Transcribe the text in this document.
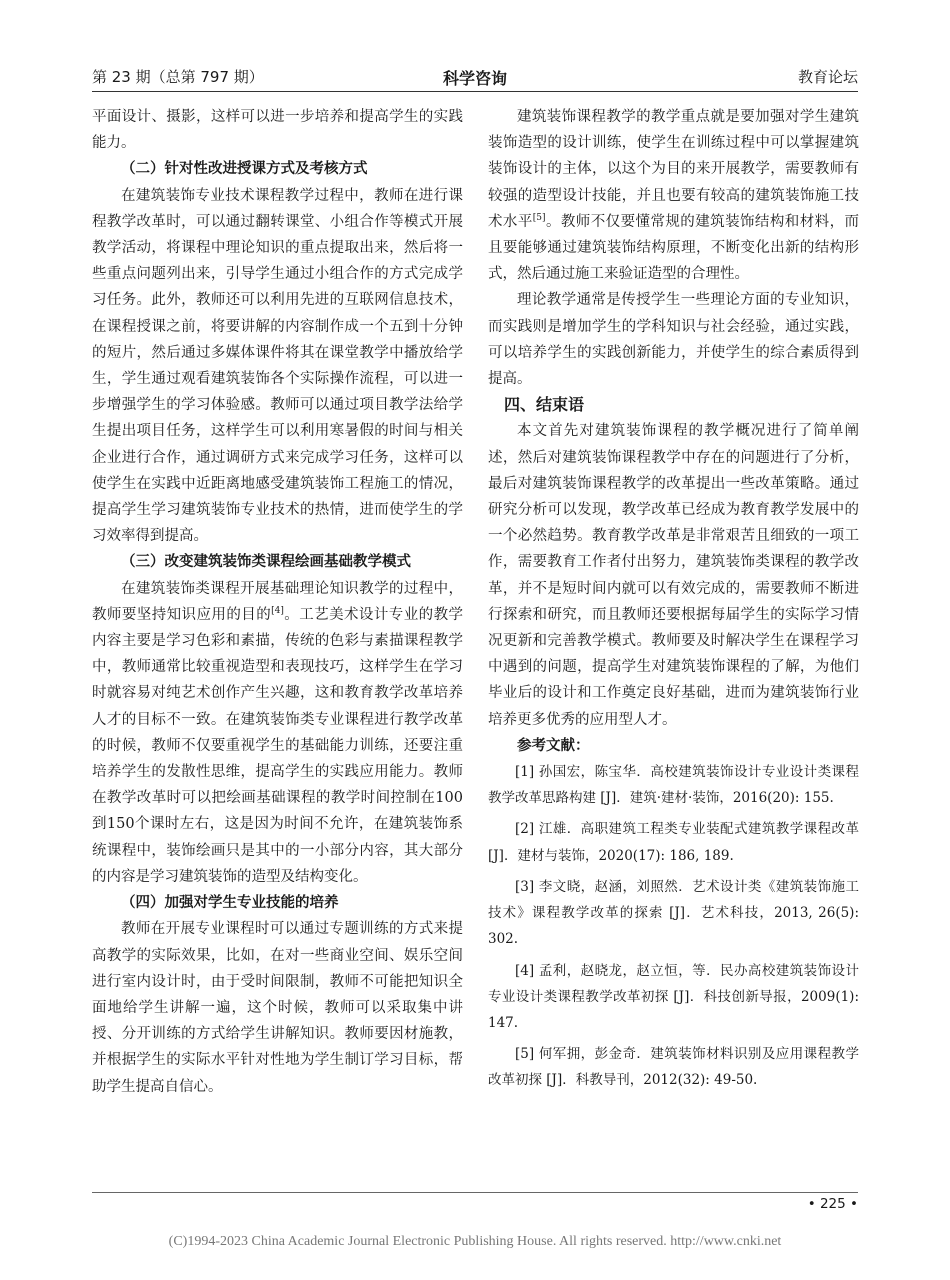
第 23 期（总第 797 期）	科学咨询	教育论坛

平面设计、摄影，这样可以进一步培养和提高学生的实践能力。

（二）针对性改进授课方式及考核方式

在建筑装饰专业技术课程教学过程中，教师在进行课程教学改革时，可以通过翻转课堂、小组合作等模式开展教学活动，将课程中理论知识的重点提取出来，然后将一些重点问题列出来，引导学生通过小组合作的方式完成学习任务。此外，教师还可以利用先进的互联网信息技术，在课程授课之前，将要讲解的内容制作成一个五到十分钟的短片，然后通过多媒体课件将其在课堂教学中播放给学生，学生通过观看建筑装饰各个实际操作流程，可以进一步增强学生的学习体验感。教师可以通过项目教学法给学生提出项目任务，这样学生可以利用寒暑假的时间与相关企业进行合作，通过调研方式来完成学习任务，这样可以使学生在实践中近距离地感受建筑装饰工程施工的情况，提高学生学习建筑装饰专业技术的热情，进而使学生的学习效率得到提高。

（三）改变建筑装饰类课程绘画基础教学模式

在建筑装饰类课程开展基础理论知识教学的过程中，教师要坚持知识应用的目的[4]。工艺美术设计专业的教学内容主要是学习色彩和素描，传统的色彩与素描课程教学中，教师通常比较重视造型和表现技巧，这样学生在学习时就容易对纯艺术创作产生兴趣，这和教育教学改革培养人才的目标不一致。在建筑装饰类专业课程进行教学改革的时候，教师不仅要重视学生的基础能力训练，还要注重培养学生的发散性思维，提高学生的实践应用能力。教师在教学改革时可以把绘画基础课程的教学时间控制在100到150个课时左右，这是因为时间不允许，在建筑装饰系统课程中，装饰绘画只是其中的一小部分内容，其大部分的内容是学习建筑装饰的造型及结构变化。

（四）加强对学生专业技能的培养

教师在开展专业课程时可以通过专题训练的方式来提高教学的实际效果，比如，在对一些商业空间、娱乐空间进行室内设计时，由于受时间限制，教师不可能把知识全面地给学生讲解一遍，这个时候，教师可以采取集中讲授、分开训练的方式给学生讲解知识。教师要因材施教，并根据学生的实际水平针对性地为学生制订学习目标，帮助学生提高自信心。

建筑装饰课程教学的教学重点就是要加强对学生建筑装饰造型的设计训练，使学生在训练过程中可以掌握建筑装饰设计的主体，以这个为目的来开展教学，需要教师有较强的造型设计技能，并且也要有较高的建筑装饰施工技术水平[5]。教师不仅要懂常规的建筑装饰结构和材料，而且要能够通过建筑装饰结构原理，不断变化出新的结构形式，然后通过施工来验证造型的合理性。

理论教学通常是传授学生一些理论方面的专业知识，而实践则是增加学生的学科知识与社会经验，通过实践，可以培养学生的实践创新能力，并使学生的综合素质得到提高。

四、结束语

本文首先对建筑装饰课程的教学概况进行了简单阐述，然后对建筑装饰课程教学中存在的问题进行了分析，最后对建筑装饰课程教学的改革提出一些改革策略。通过研究分析可以发现，教学改革已经成为教育教学发展中的一个必然趋势。教育教学改革是非常艰苦且细致的一项工作，需要教育工作者付出努力，建筑装饰类课程的教学改革，并不是短时间内就可以有效完成的，需要教师不断进行探索和研究，而且教师还要根据每届学生的实际学习情况更新和完善教学模式。教师要及时解决学生在课程学习中遇到的问题，提高学生对建筑装饰课程的了解，为他们毕业后的设计和工作奠定良好基础，进而为建筑装饰行业培养更多优秀的应用型人才。

参考文献：

[1] 孙国宏，陈宝华．高校建筑装饰设计专业设计类课程教学改革思路构建 [J]．建筑·建材·装饰，2016(20): 155.

[2] 江雄．高职建筑工程类专业装配式建筑教学课程改革 [J]．建材与装饰，2020(17): 186, 189.

[3] 李文晓，赵涵，刘照然．艺术设计类《建筑装饰施工技术》课程教学改革的探索 [J]．艺术科技，2013, 26(5): 302.

[4] 孟利，赵晓龙，赵立恒，等．民办高校建筑装饰设计专业设计类课程教学改革初探 [J]．科技创新导报，2009(1): 147.

[5] 何军拥，彭金奇．建筑装饰材料识别及应用课程教学改革初探 [J]．科教导刊，2012(32): 49-50.

• 225 •
(C)1994-2023 China Academic Journal Electronic Publishing House. All rights reserved. http://www.cnki.net
